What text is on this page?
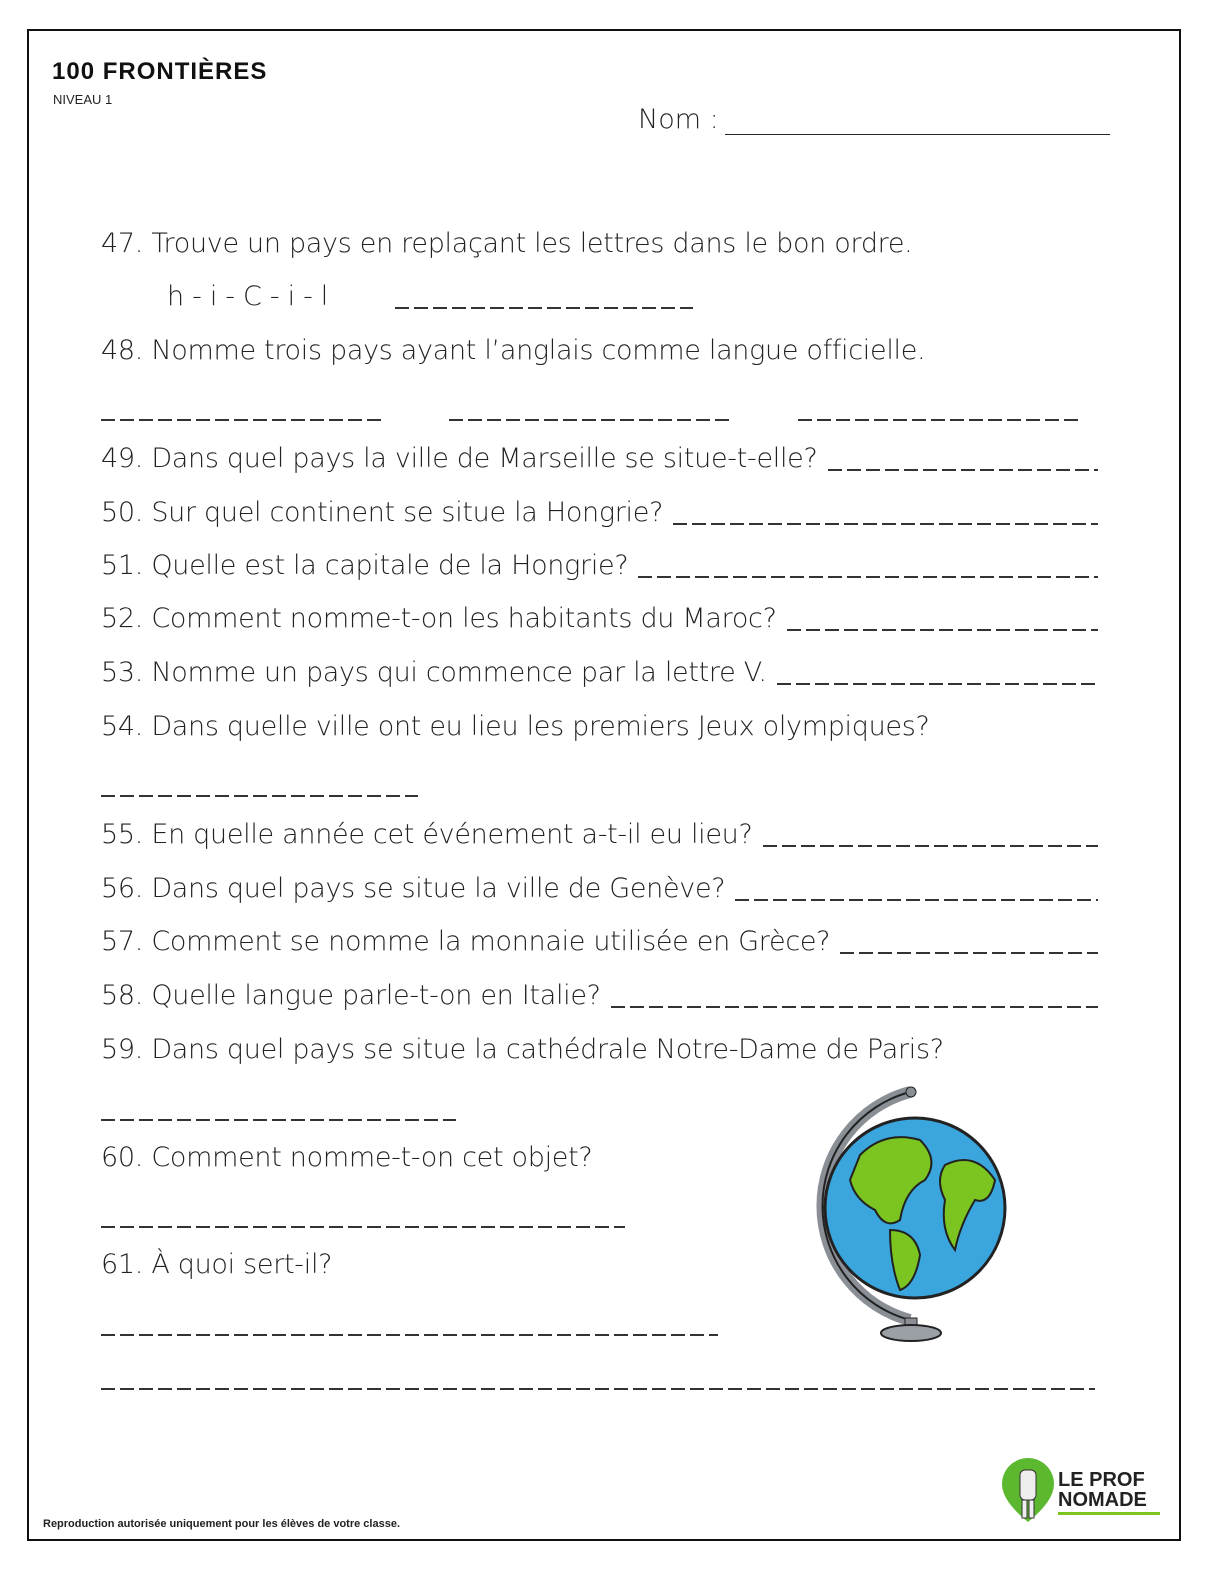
100 FRONTIÈRES
NIVEAU 1
Nom :
47. Trouve un pays en replaçant les lettres dans le bon ordre.
h - i - C - i - l
48. Nomme trois pays ayant l’anglais comme langue officielle.
49. Dans quel pays la ville de Marseille se situe-t-elle?
50. Sur quel continent se situe la Hongrie?
51. Quelle est la capitale de la Hongrie?
52. Comment nomme-t-on les habitants du Maroc?
53. Nomme un pays qui commence par la lettre V.
54. Dans quelle ville ont eu lieu les premiers Jeux olympiques?
55. En quelle année cet événement a-t-il eu lieu?
56. Dans quel pays se situe la ville de Genève?
57. Comment se nomme la monnaie utilisée en Grèce?
58. Quelle langue parle-t-on en Italie?
59. Dans quel pays se situe la cathédrale Notre-Dame de Paris?
60. Comment nomme-t-on cet objet?
61. À quoi sert-il?
LE PROF
NOMADE
Reproduction autorisée uniquement pour les élèves de votre classe.
